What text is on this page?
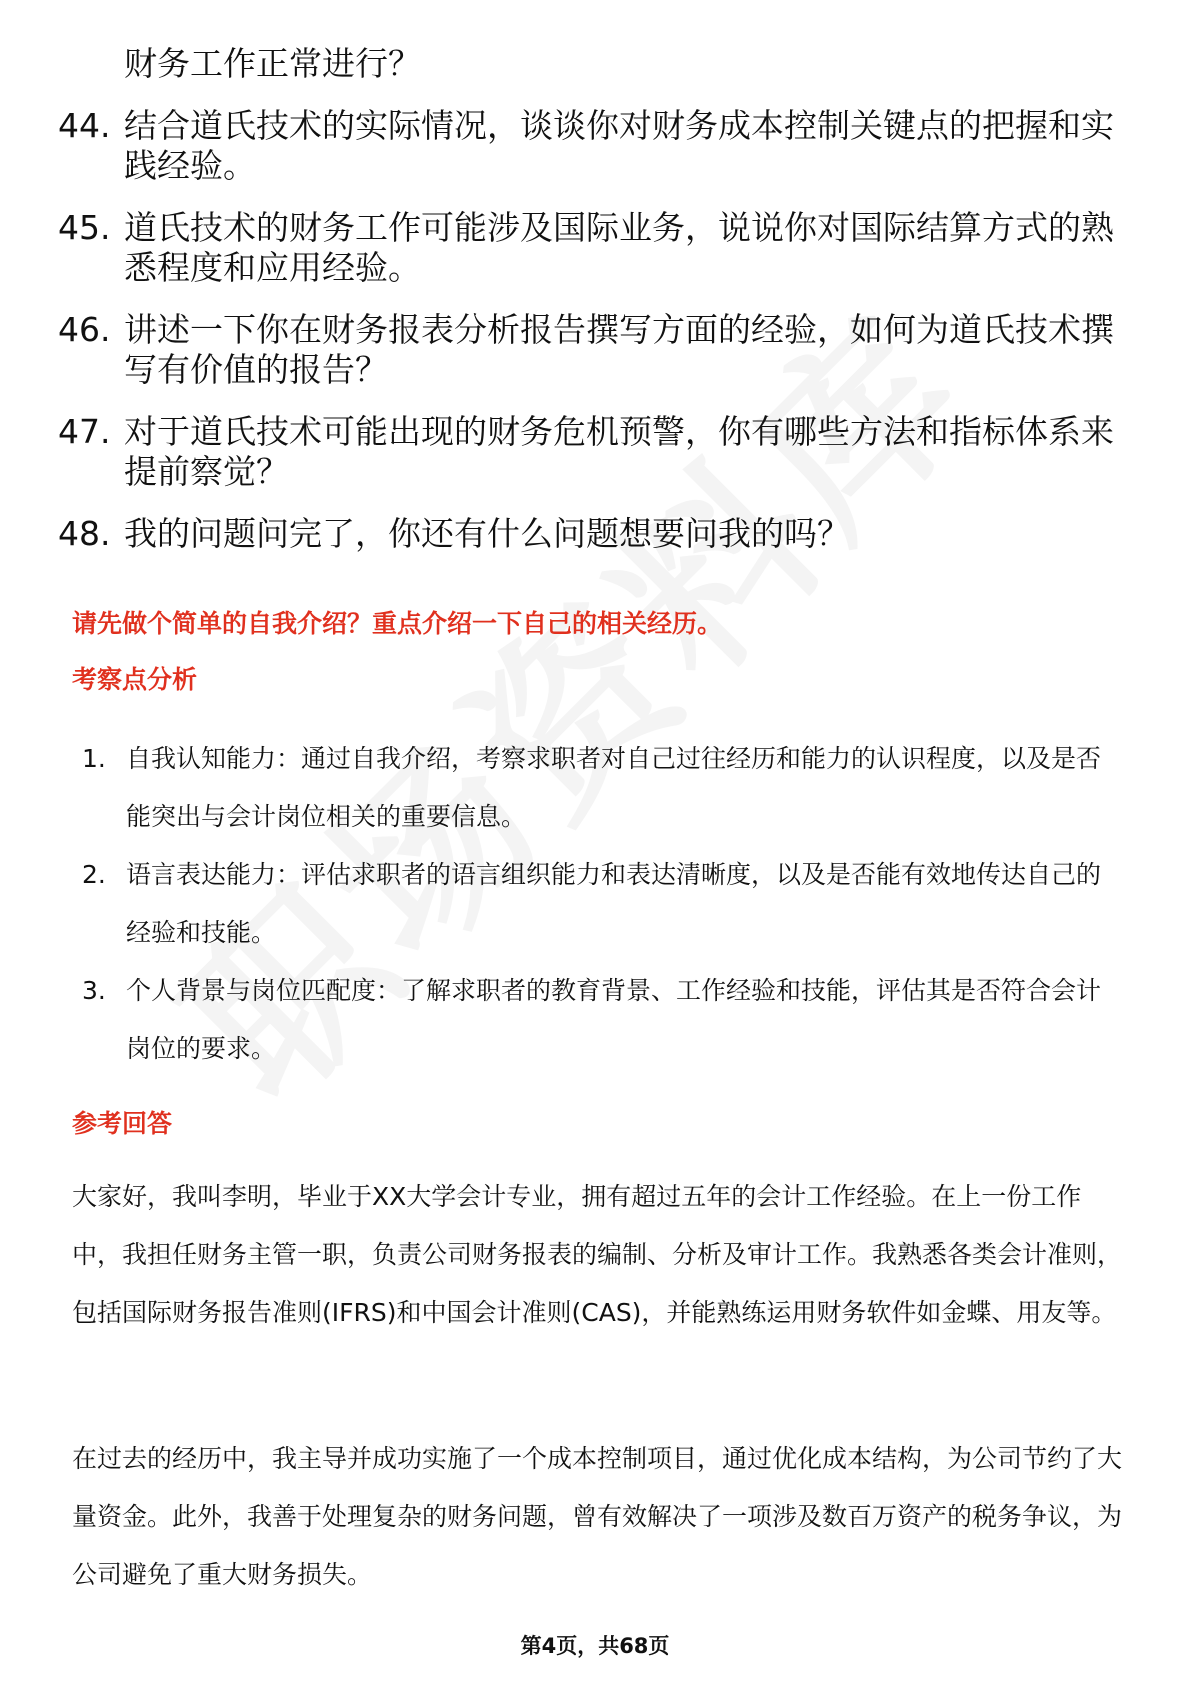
财务工作正常进行？
44. 结合道氏技术的实际情况，谈谈你对财务成本控制关键点的把握和实践经验。
45. 道氏技术的财务工作可能涉及国际业务，说说你对国际结算方式的熟悉程度和应用经验。
46. 讲述一下你在财务报表分析报告撰写方面的经验，如何为道氏技术撰写有价值的报告？
47. 对于道氏技术可能出现的财务危机预警，你有哪些方法和指标体系来提前察觉？
48. 我的问题问完了，你还有什么问题想要问我的吗？
请先做个简单的自我介绍？重点介绍一下自己的相关经历。
考察点分析
1. 自我认知能力：通过自我介绍，考察求职者对自己过往经历和能力的认识程度，以及是否能突出与会计岗位相关的重要信息。
2. 语言表达能力：评估求职者的语言组织能力和表达清晰度，以及是否能有效地传达自己的经验和技能。
3. 个人背景与岗位匹配度：了解求职者的教育背景、工作经验和技能，评估其是否符合会计岗位的要求。
参考回答
大家好，我叫李明，毕业于XX大学会计专业，拥有超过五年的会计工作经验。在上一份工作中，我担任财务主管一职，负责公司财务报表的编制、分析及审计工作。我熟悉各类会计准则，包括国际财务报告准则(IFRS)和中国会计准则(CAS)，并能熟练运用财务软件如金蝶、用友等。
在过去的经历中，我主导并成功实施了一个成本控制项目，通过优化成本结构，为公司节约了大量资金。此外，我善于处理复杂的财务问题，曾有效解决了一项涉及数百万资产的税务争议，为公司避免了重大财务损失。
第4页，共68页
